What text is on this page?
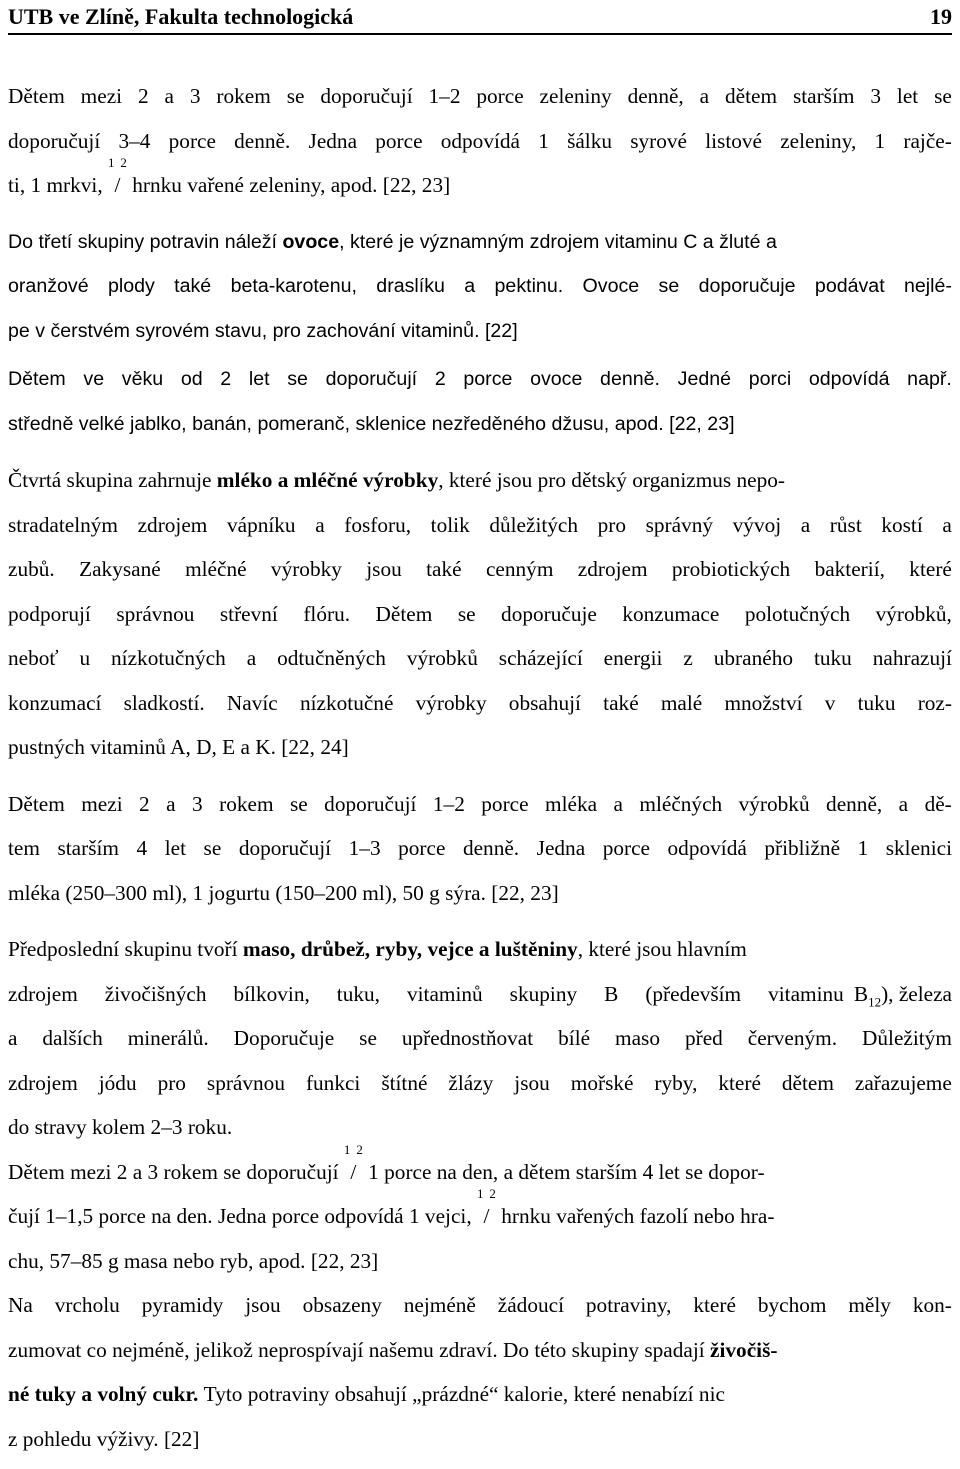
UTB ve Zlíně, Fakulta technologická	19
Dětem mezi 2 a 3 rokem se doporučují 1–2 porce zeleniny denně, a dětem starším 3 let se
doporučují 3–4 porce denně. Jedna porce odpovídá 1 šálku syrové listové zeleniny, 1 rajče-
ti, 1 mrkvi,

1
/
2

hrnku vařené zeleniny, apod. [22, 23]
Do třetí skupiny potravin náleží
ovoce , které je významným zdrojem vitaminu C a žluté a
oranžové plody také beta-karotenu, draslíku a pektinu. Ovoce se doporučuje podávat nejlé-
pe v čerstvém syrovém stavu, pro zachování vitaminů. [22]
Dětem ve věku od 2 let se doporučují 2 porce ovoce denně. Jedné porci odpovídá např.
středně velké jablko, banán, pomeranč, sklenice nezředěného džusu, apod. [22, 23]
Čtvrtá skupina zahrnuje
mléko a mléčné výrobky , které jsou pro dětský organizmus nepo-
stradatelným zdrojem vápníku a fosforu, tolik důležitých pro správný vývoj a růst kostí a
zubů. Zakysané mléčné výrobky jsou také cenným zdrojem probiotických bakterií, které
podporují správnou střevní flóru. Dětem se doporučuje konzumace polotučných výrobků,
neboť u nízkotučných a odtučněných výrobků scházející energii z ubraného tuku nahrazují
konzumací sladkostí. Navíc nízkotučné výrobky obsahují také malé množství v tuku roz-
pustných vitaminů A, D, E a K. [22, 24]
Dětem mezi 2 a 3 rokem se doporučují 1–2 porce mléka a mléčných výrobků denně, a dě-
tem starším 4 let se doporučují 1–3 porce denně. Jedna porce odpovídá přibližně 1 sklenici
mléka (250–300 ml), 1 jogurtu (150–200 ml), 50 g sýra. [22, 23]
Předposlední skupinu tvoří
maso, drůbež, ryby, vejce a luštěniny , které jsou hlavním
zdrojem živočišných bílkovin, tuku, vitaminů skupiny B (především vitaminu $B_{12}$), železa
a dalších minerálů. Doporučuje se upřednostňovat bílé maso před červeným. Důležitým
zdrojem jódu pro správnou funkci štítné žlázy jsou mořské ryby, které dětem zařazujeme
do stravy kolem 2–3 roku.
Dětem mezi 2 a 3 rokem se doporučují

1
/
2

1 porce na den, a dětem starším 4 let se dopor-
čují 1–1,5 porce na den. Jedna porce odpovídá 1 vejci,

1
/
2

hrnku vařených fazolí nebo hra-
chu, 57–85 g masa nebo ryb, apod. [22, 23]
Na vrcholu pyramidy jsou obsazeny nejméně žádoucí potraviny, které bychom měly kon-
zumovat co nejméně, jelikož neprospívají našemu zdraví. Do této skupiny spadají
živočiš-
né tuky a volný cukr.
Tyto potraviny obsahují „prázdné“ kalorie, které nenabízí nic
z pohledu výživy. [22]
